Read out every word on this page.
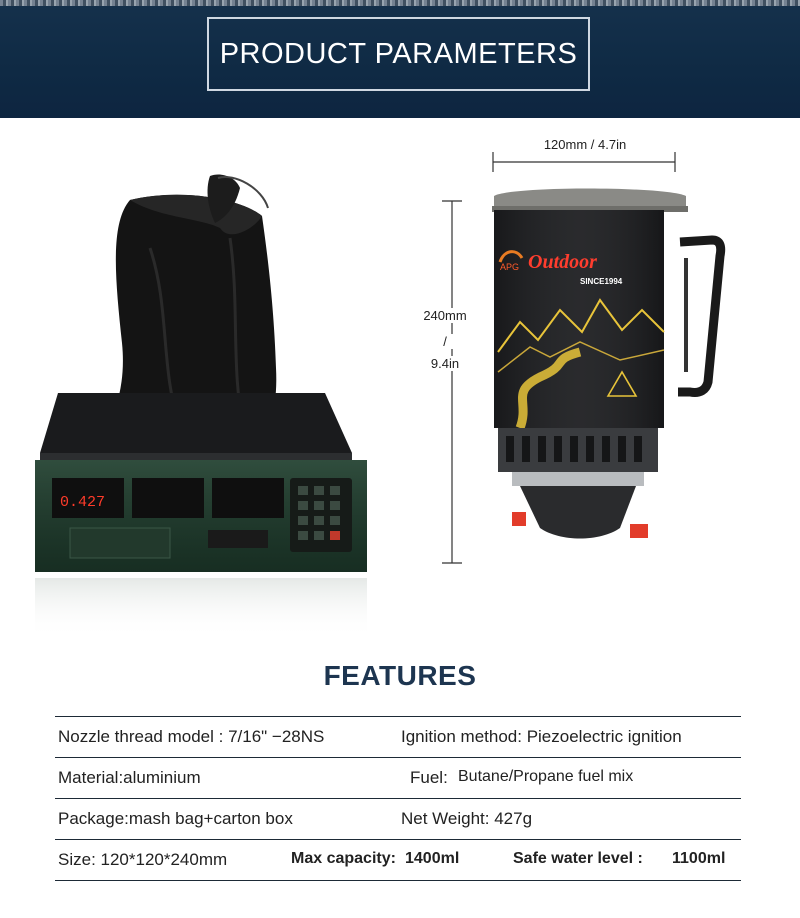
PRODUCT PARAMETERS
0.427
120mm / 4.7in
240mm
/
9.4in
APG Outdoor
SINCE1994
FEATURES
Nozzle thread model : 7/16" −28NS	Ignition method: Piezoelectric ignition
Material:aluminium	Fuel: Butane/Propane fuel mix
Package:mash bag+carton box	Net Weight: 427g
Size: 120*120*240mm	Max capacity: 1400ml	Safe water level : 1100ml
